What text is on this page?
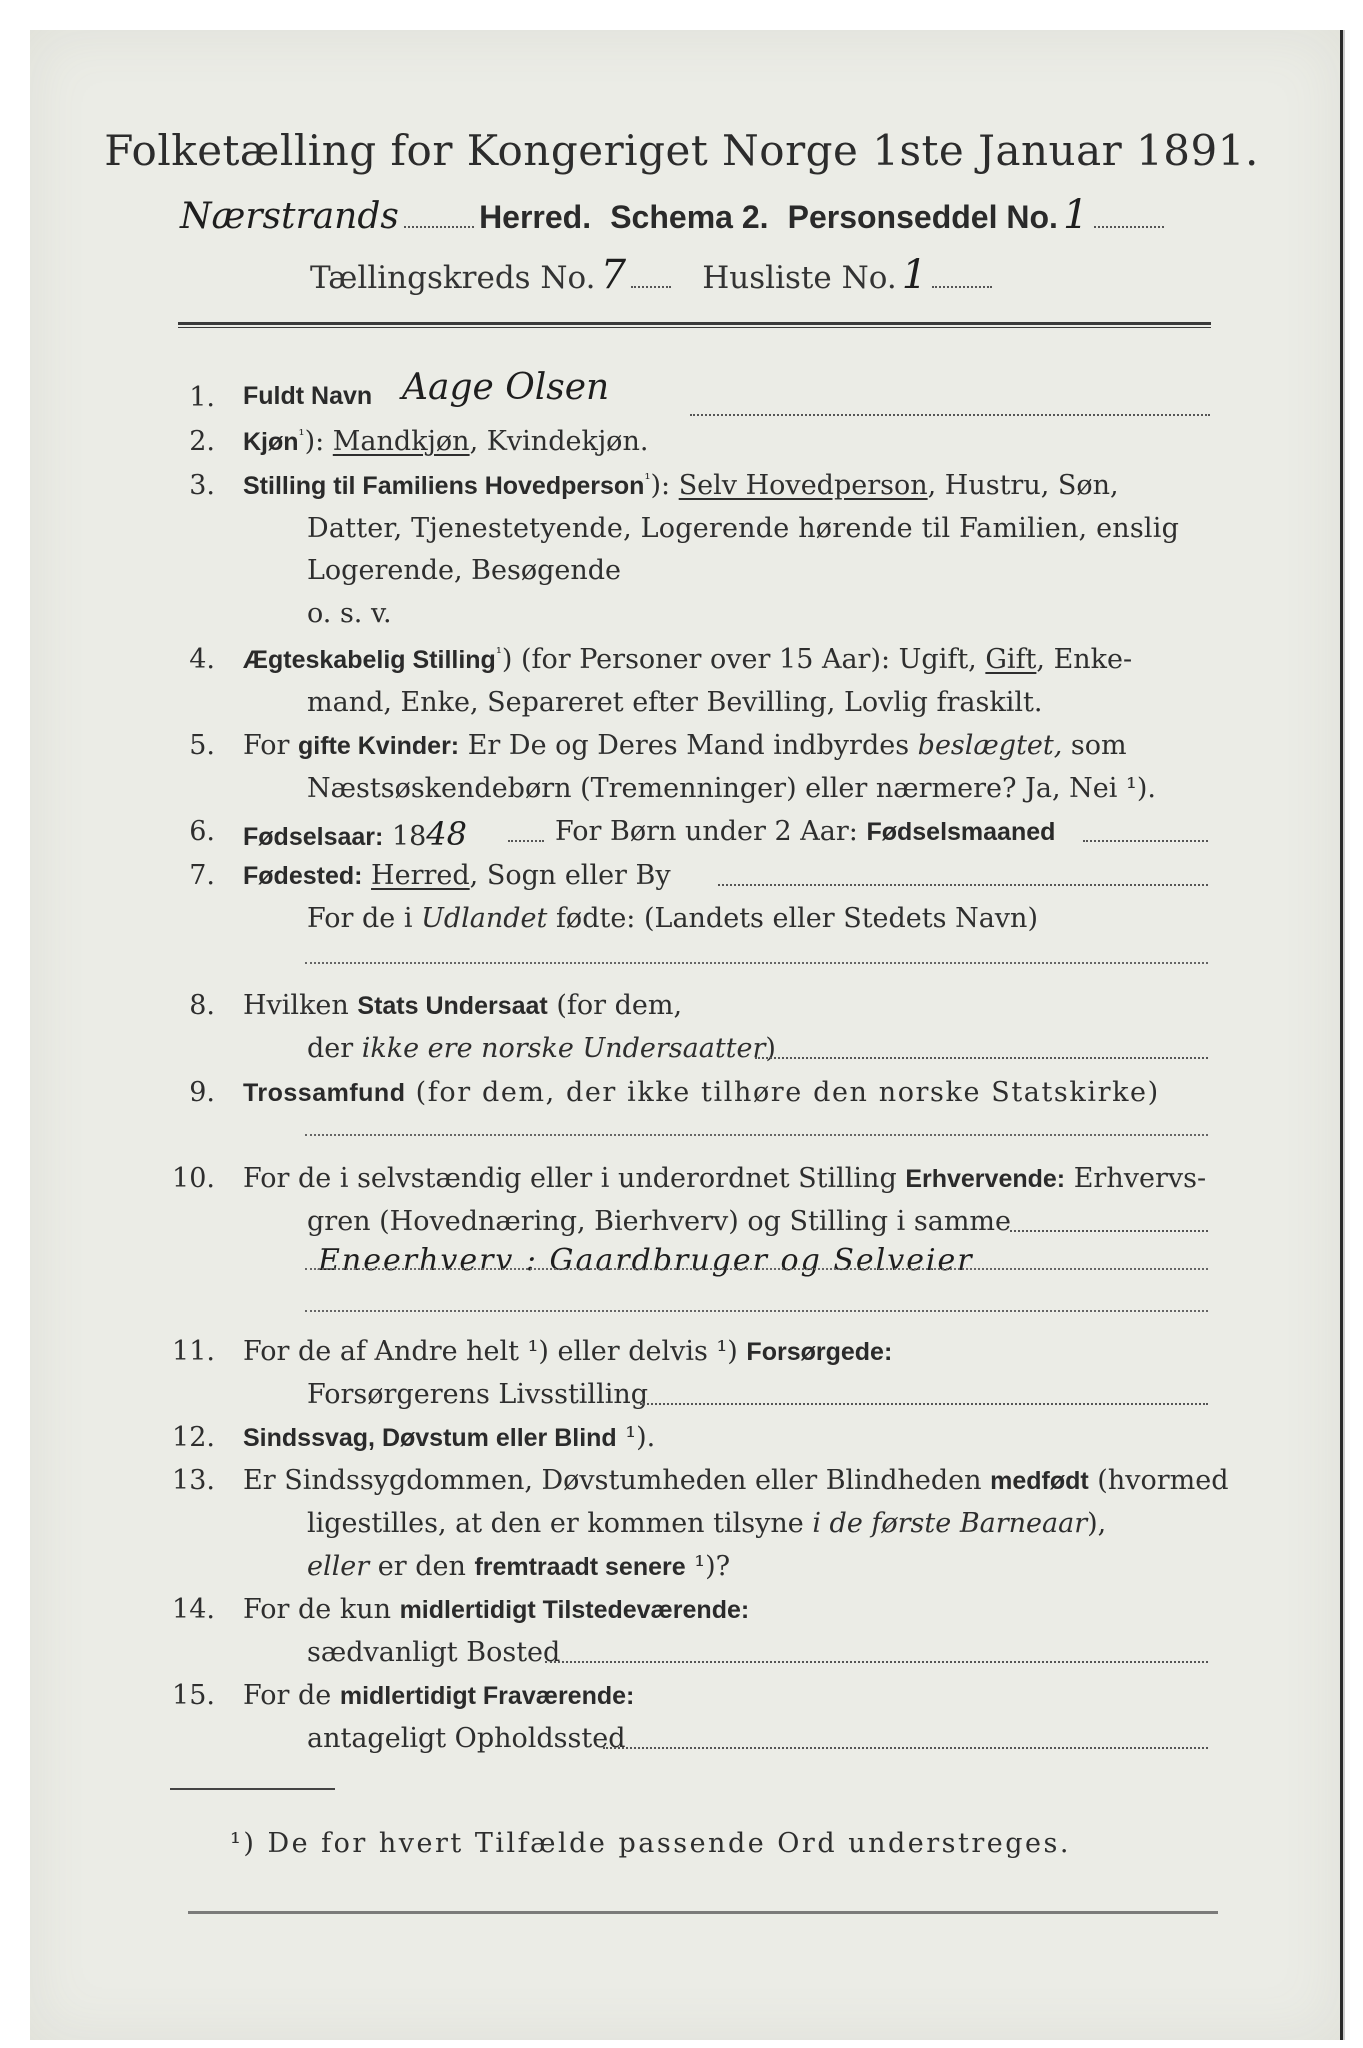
Folketælling for Kongeriget Norge 1ste Januar 1891.
Nærstrands	Herred. Schema 2. Personseddel No. 1
Tællingskreds No. 7 Husliste No. 1
1. Fuldt Navn Aage Olsen
2. Kjøn$^{^1}$): Mandkjøn, Kvindekjøn.
3. Stilling til Familiens Hovedperson$^{^1}$): Selv Hovedperson, Hustru, Søn,
Datter, Tjenestetyende, Logerende hørende til Familien, enslig
Logerende, Besøgende
o. s. v.
4. Ægteskabelig Stilling$^{^1}$) (for Personer over 15 Aar): Ugift, Gift, Enke-
mand, Enke, Separeret efter Bevilling, Lovlig fraskilt.
5. For gifte Kvinder: Er De og Deres Mand indbyrdes beslægtet, som
Næstsøskendebørn (Tremenninger) eller nærmere? Ja, Nei ¹).
6. Fødselsaar: 1848	For Børn under 2 Aar: Fødselsmaaned
7. Fødested: Herred, Sogn eller By
For de i Udlandet fødte: (Landets eller Stedets Navn)
8. Hvilken Stats Undersaat (for dem,
der ikke ere norske Undersaatter)
9. Trossamfund (for dem, der ikke tilhøre den norske Statskirke)
10. For de i selvstændig eller i underordnet Stilling Erhvervende: Erhvervs-
gren (Hovednæring, Bierhverv) og Stilling i samme
Eneerhverv : Gaardbruger og Selveier
11. For de af Andre helt ¹) eller delvis ¹) Forsørgede:
Forsørgerens Livsstilling
12. Sindssvag, Døvstum eller Blind ¹).
13. Er Sindssygdommen, Døvstumheden eller Blindheden medfødt (hvormed
ligestilles, at den er kommen tilsyne i de første Barneaar),
eller er den fremtraadt senere ¹)?
14. For de kun midlertidigt Tilstedeværende:
sædvanligt Bosted
15. For de midlertidigt Fraværende:
antageligt Opholdssted
¹) De for hvert Tilfælde passende Ord understreges.
